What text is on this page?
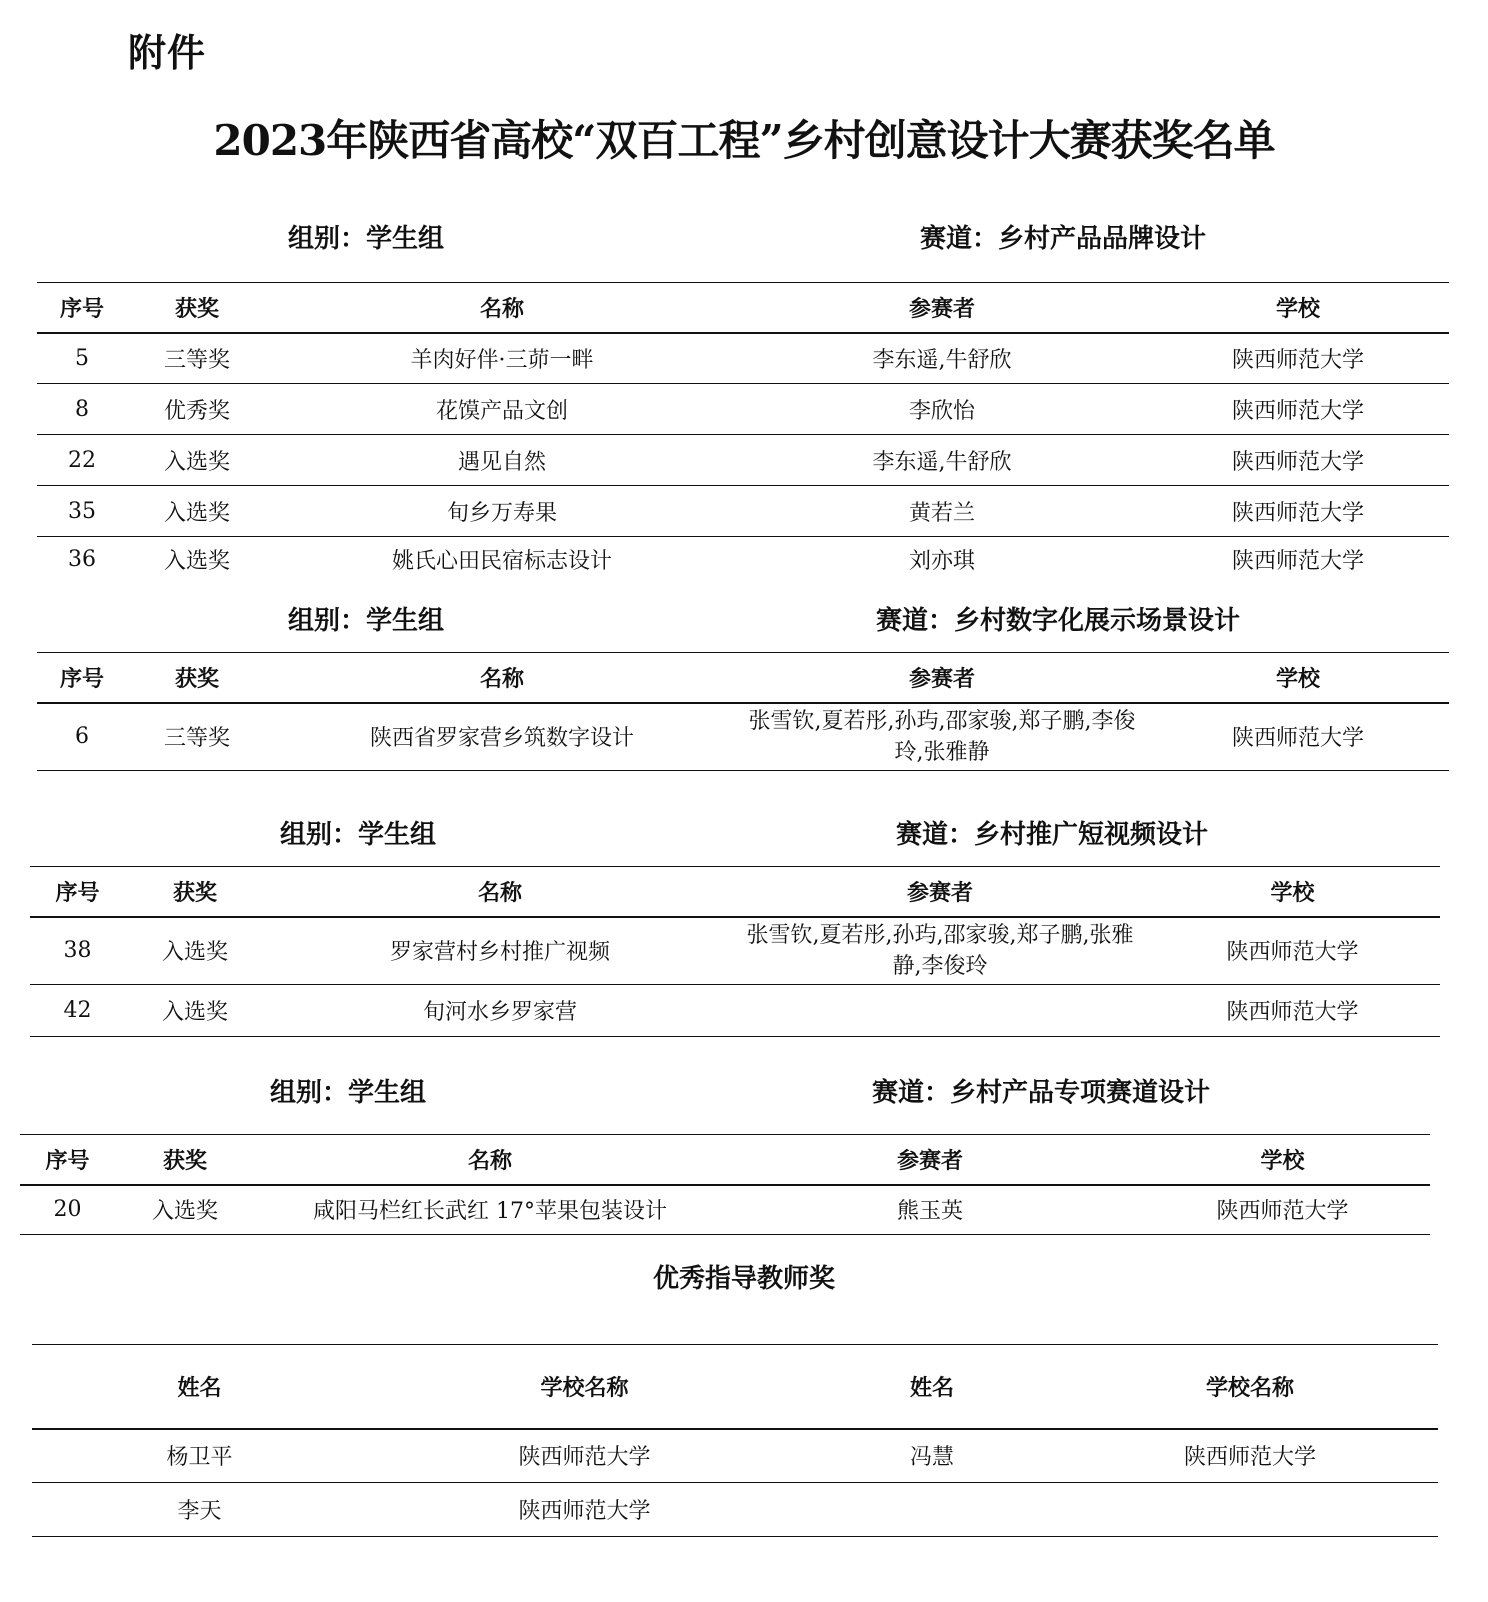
附件
2023年陕西省高校“双百工程”乡村创意设计大赛获奖名单
组别：学生组	赛道：乡村产品品牌设计
序号	获奖	名称	参赛者	学校
5	三等奖	羊肉好伴·三茆一畔	李东遥,牛舒欣	陕西师范大学
8	优秀奖	花馍产品文创	李欣怡	陕西师范大学
22	入选奖	遇见自然	李东遥,牛舒欣	陕西师范大学
35	入选奖	旬乡万寿果	黄若兰	陕西师范大学
36	入选奖	姚氏心田民宿标志设计	刘亦琪	陕西师范大学
组别：学生组	赛道：乡村数字化展示场景设计
序号	获奖	名称	参赛者	学校
6	三等奖	陕西省罗家营乡筑数字设计	张雪钦,夏若彤,孙玙,邵家骏,郑子鹏,李俊玲,张雅静	陕西师范大学
组别：学生组	赛道：乡村推广短视频设计
序号	获奖	名称	参赛者	学校
38	入选奖	罗家营村乡村推广视频	张雪钦,夏若彤,孙玙,邵家骏,郑子鹏,张雅静,李俊玲	陕西师范大学
42	入选奖	旬河水乡罗家营		陕西师范大学
组别：学生组	赛道：乡村产品专项赛道设计
序号	获奖	名称	参赛者	学校
20	入选奖	咸阳马栏红长武红 17°苹果包装设计	熊玉英	陕西师范大学
优秀指导教师奖
姓名	学校名称	姓名	学校名称
杨卫平	陕西师范大学	冯慧	陕西师范大学
李天	陕西师范大学		
